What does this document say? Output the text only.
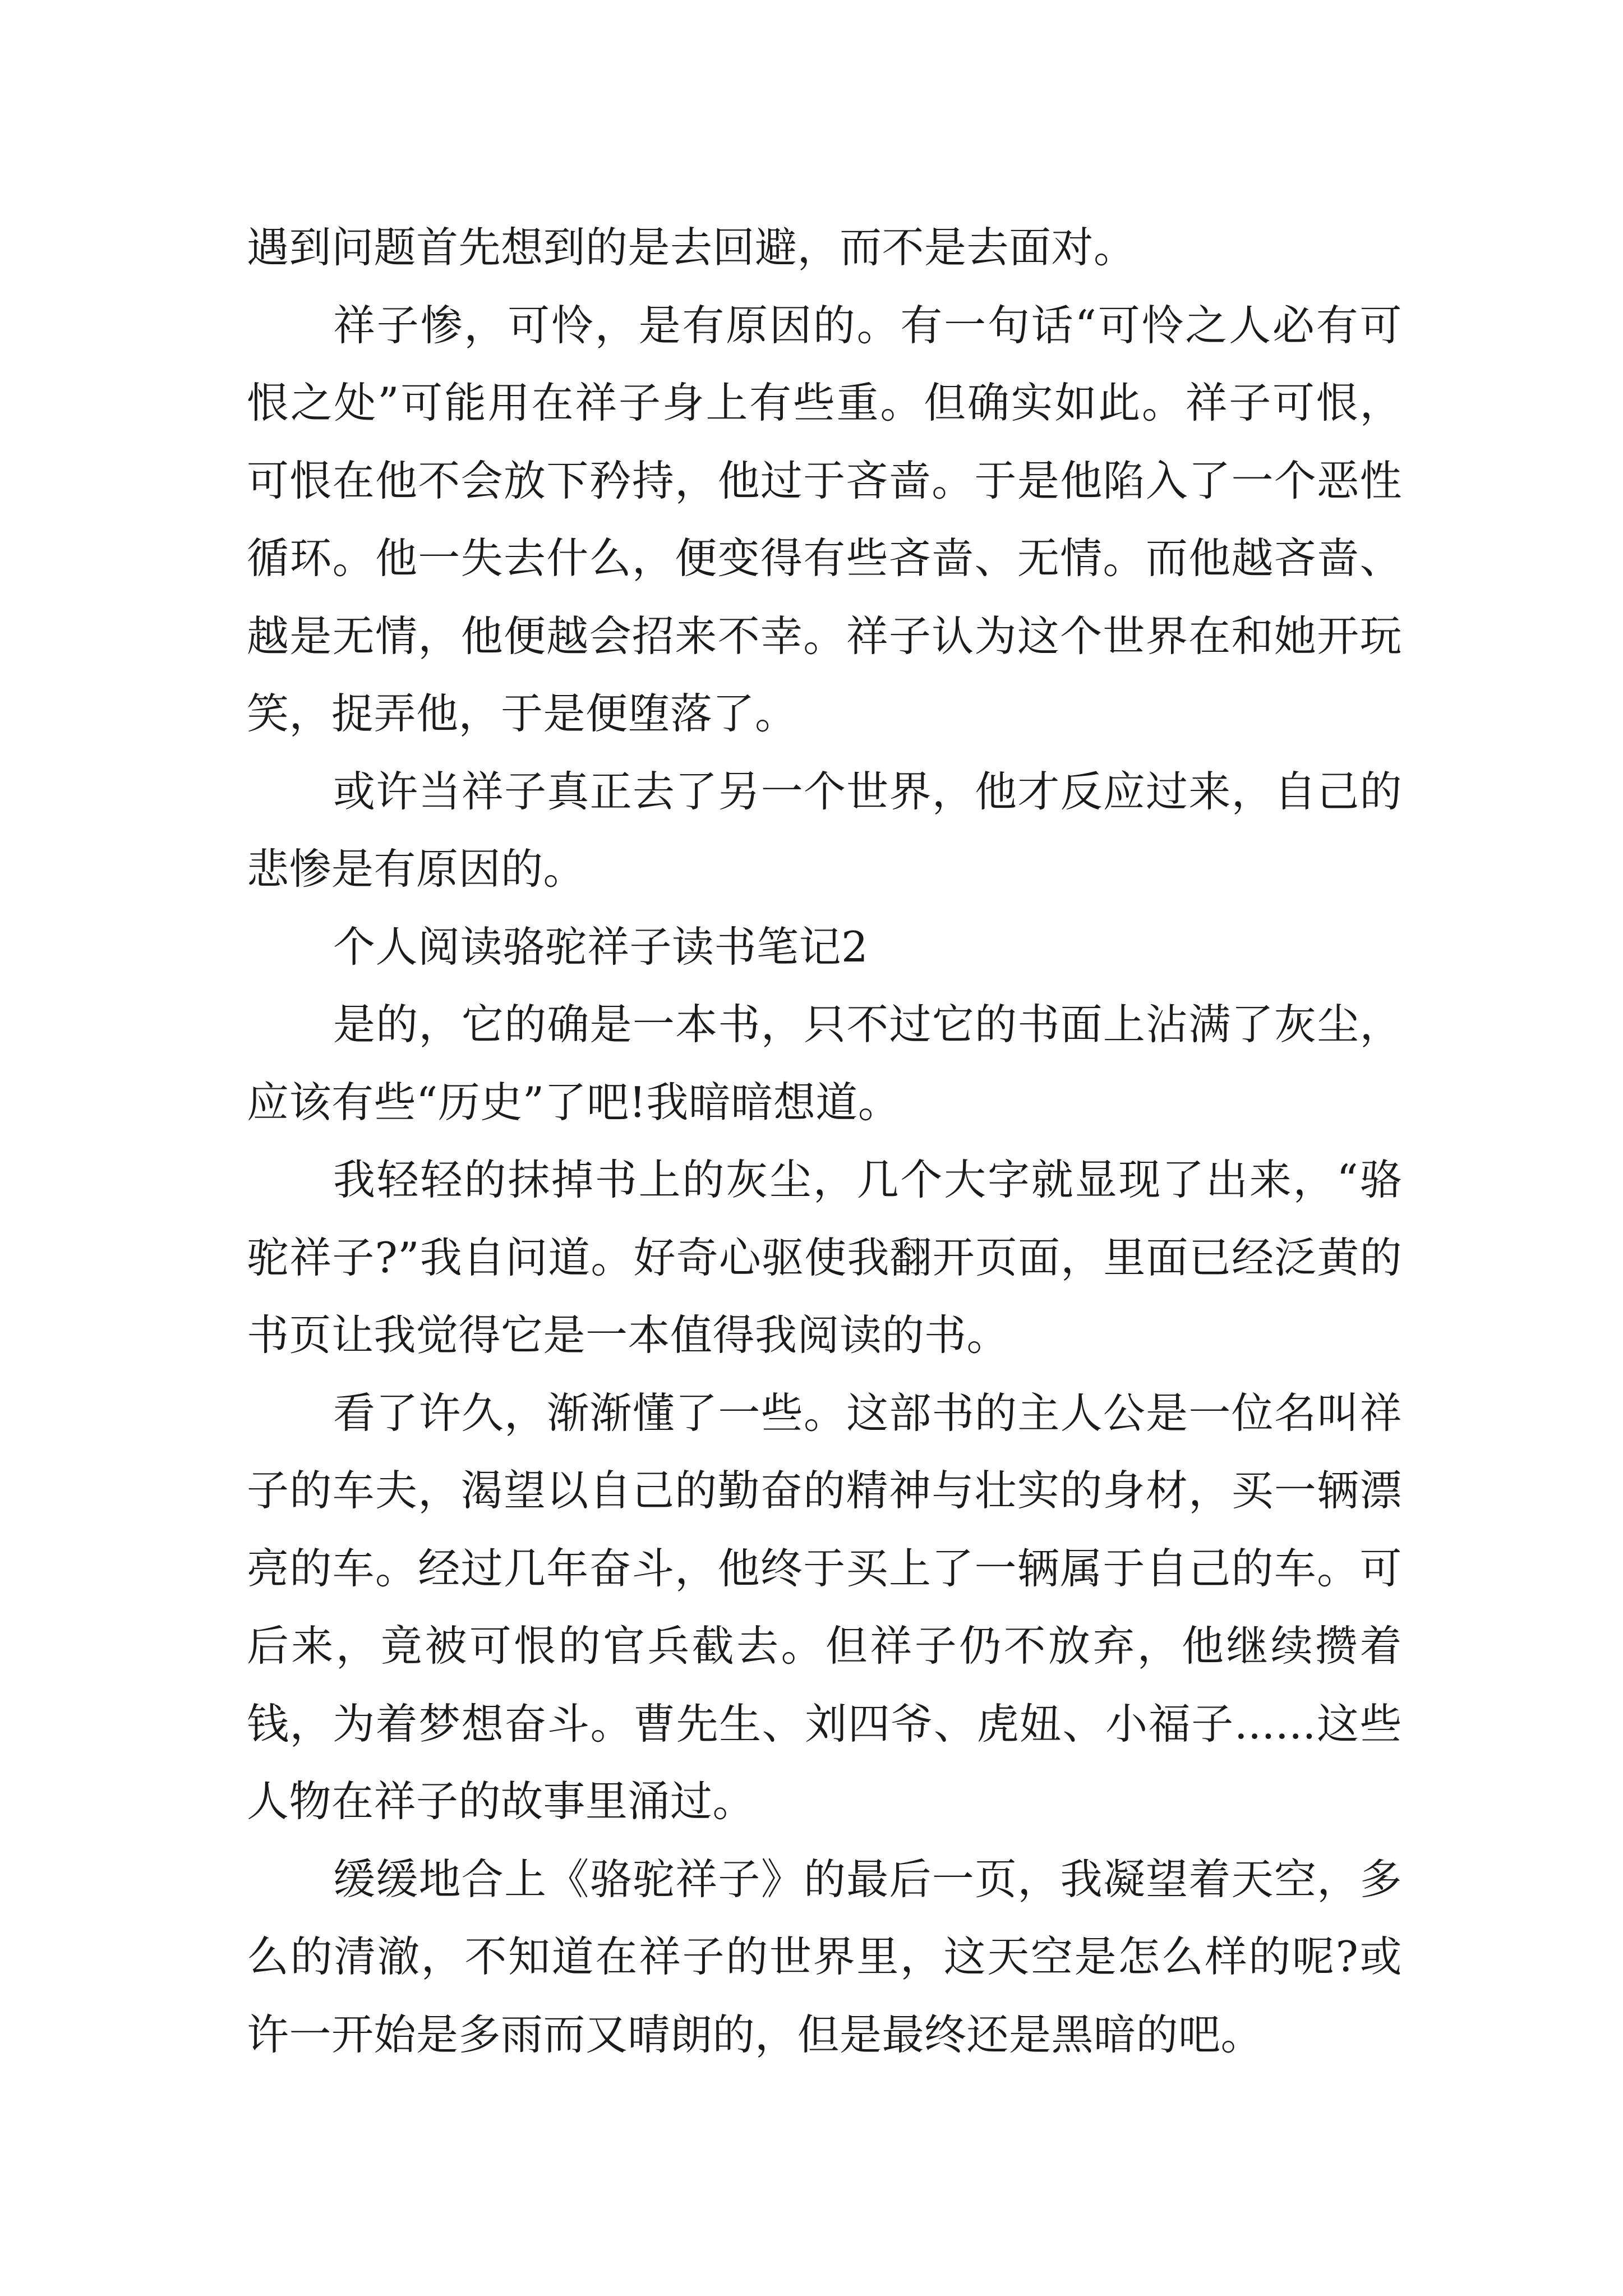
遇到问题首先想到的是去回避，而不是去面对。

祥子惨，可怜，是有原因的。有一句话“可怜之人必有可恨之处”可能用在祥子身上有些重。但确实如此。祥子可恨，可恨在他不会放下矜持，他过于吝啬。于是他陷入了一个恶性循环。他一失去什么，便变得有些吝啬、无情。而他越吝啬、越是无情，他便越会招来不幸。祥子认为这个世界在和她开玩笑，捉弄他，于是便堕落了。

或许当祥子真正去了另一个世界，他才反应过来，自己的悲惨是有原因的。

个人阅读骆驼祥子读书笔记2

是的，它的确是一本书，只不过它的书面上沾满了灰尘，应该有些“历史”了吧!我暗暗想道。

我轻轻的抹掉书上的灰尘，几个大字就显现了出来，“骆驼祥子?”我自问道。好奇心驱使我翻开页面，里面已经泛黄的书页让我觉得它是一本值得我阅读的书。

看了许久，渐渐懂了一些。这部书的主人公是一位名叫祥子的车夫，渴望以自己的勤奋的精神与壮实的身材，买一辆漂亮的车。经过几年奋斗，他终于买上了一辆属于自己的车。可后来，竟被可恨的官兵截去。但祥子仍不放弃，他继续攒着钱，为着梦想奋斗。曹先生、刘四爷、虎妞、小福子......这些人物在祥子的故事里涌过。

缓缓地合上《骆驼祥子》的最后一页，我凝望着天空，多么的清澈，不知道在祥子的世界里，这天空是怎么样的呢?或许一开始是多雨而又晴朗的，但是最终还是黑暗的吧。
